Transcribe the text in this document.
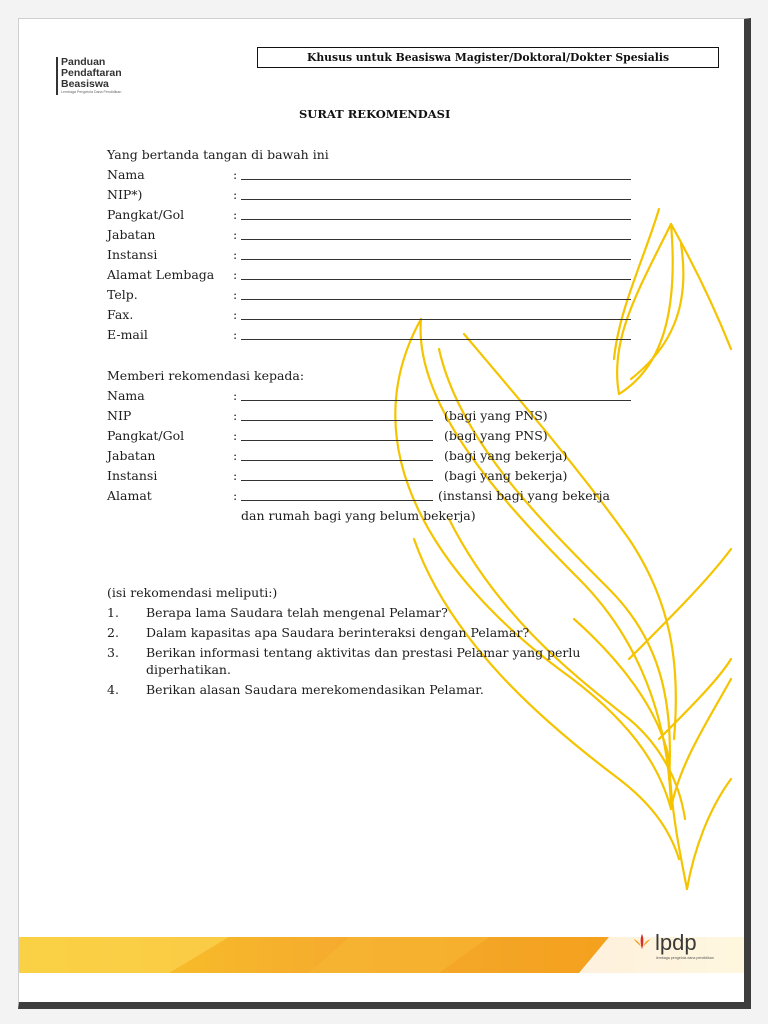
Panduan
Pendaftaran
Beasiswa
Lembaga Pengelola Dana Pendidikan
Khusus untuk Beasiswa Magister/Doktoral/Dokter Spesialis
SURAT REKOMENDASI
Yang bertanda tangan di bawah ini
Nama	:
NIP*)	:
Pangkat/Gol	:
Jabatan	:
Instansi	:
Alamat Lembaga :
Telp.	:
Fax.	:
E-mail	:
Memberi rekomendasi kepada:
Nama	:
NIP	:	(bagi yang PNS)
Pangkat/Gol	:	(bagi yang PNS)
Jabatan	:	(bagi yang bekerja)
Instansi	:	(bagi yang bekerja)
Alamat	:	(instansi bagi yang bekerja
dan rumah bagi yang belum bekerja)
(isi rekomendasi meliputi:)
1. Berapa lama Saudara telah mengenal Pelamar?
2. Dalam kapasitas apa Saudara berinteraksi dengan Pelamar?
3. Berikan informasi tentang aktivitas dan prestasi Pelamar yang perlu
diperhatikan.
4. Berikan alasan Saudara merekomendasikan Pelamar.
lpdp
lembaga pengelola dana pendidikan
